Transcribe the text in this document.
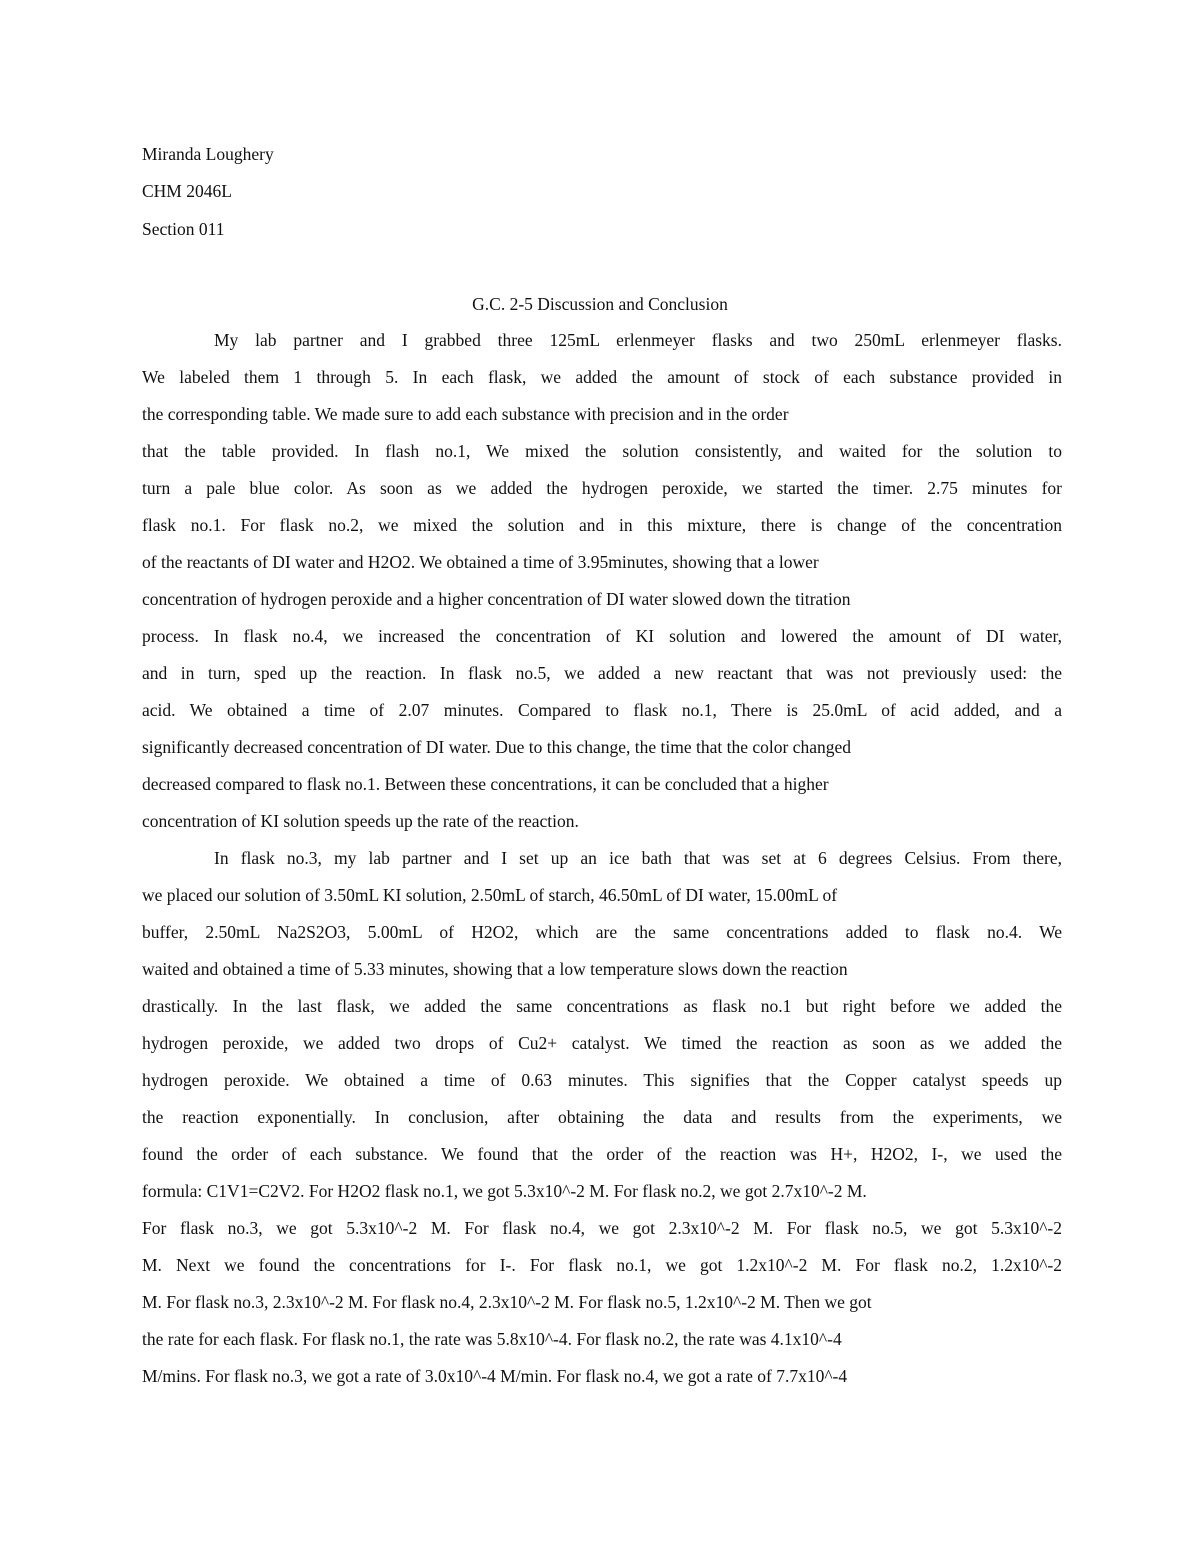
Miranda Loughery
CHM 2046L
Section 011
G.C. 2-5 Discussion and Conclusion
My lab partner and I grabbed three 125mL erlenmeyer flasks and two 250mL erlenmeyer flasks.
We labeled them 1 through 5. In each flask, we added the amount of stock of each substance provided in
the corresponding table. We made sure to add each substance with precision and in the order
that the table provided. In flash no.1, We mixed the solution consistently, and waited for the solution to
turn a pale blue color. As soon as we added the hydrogen peroxide, we started the timer. 2.75 minutes for
flask no.1. For flask no.2, we mixed the solution and in this mixture, there is change of the concentration
of the reactants of DI water and H2O2. We obtained a time of 3.95minutes, showing that a lower
concentration of hydrogen peroxide and a higher concentration of DI water slowed down the titration
process. In flask no.4, we increased the concentration of KI solution and lowered the amount of DI water,
and in turn, sped up the reaction. In flask no.5, we added a new reactant that was not previously used: the
acid. We obtained a time of 2.07 minutes. Compared to flask no.1, There is 25.0mL of acid added, and a
significantly decreased concentration of DI water. Due to this change, the time that the color changed
decreased compared to flask no.1. Between these concentrations, it can be concluded that a higher
concentration of KI solution speeds up the rate of the reaction.
In flask no.3, my lab partner and I set up an ice bath that was set at 6 degrees Celsius. From there,
we placed our solution of 3.50mL KI solution, 2.50mL of starch, 46.50mL of DI water, 15.00mL of
buffer, 2.50mL Na2S2O3, 5.00mL of H2O2, which are the same concentrations added to flask no.4. We
waited and obtained a time of 5.33 minutes, showing that a low temperature slows down the reaction
drastically. In the last flask, we added the same concentrations as flask no.1 but right before we added the
hydrogen peroxide, we added two drops of Cu2+ catalyst. We timed the reaction as soon as we added the
hydrogen peroxide. We obtained a time of 0.63 minutes. This signifies that the Copper catalyst speeds up
the reaction exponentially. In conclusion, after obtaining the data and results from the experiments, we
found the order of each substance. We found that the order of the reaction was H+, H2O2, I-, we used the
formula: C1V1=C2V2. For H2O2 flask no.1, we got 5.3x10^-2 M. For flask no.2, we got 2.7x10^-2 M.
For flask no.3, we got 5.3x10^-2 M. For flask no.4, we got 2.3x10^-2 M. For flask no.5, we got 5.3x10^-2
M. Next we found the concentrations for I-. For flask no.1, we got 1.2x10^-2 M. For flask no.2, 1.2x10^-2
M. For flask no.3, 2.3x10^-2 M. For flask no.4, 2.3x10^-2 M. For flask no.5, 1.2x10^-2 M. Then we got
the rate for each flask. For flask no.1, the rate was 5.8x10^-4. For flask no.2, the rate was 4.1x10^-4
M/mins. For flask no.3, we got a rate of 3.0x10^-4 M/min. For flask no.4, we got a rate of 7.7x10^-4
